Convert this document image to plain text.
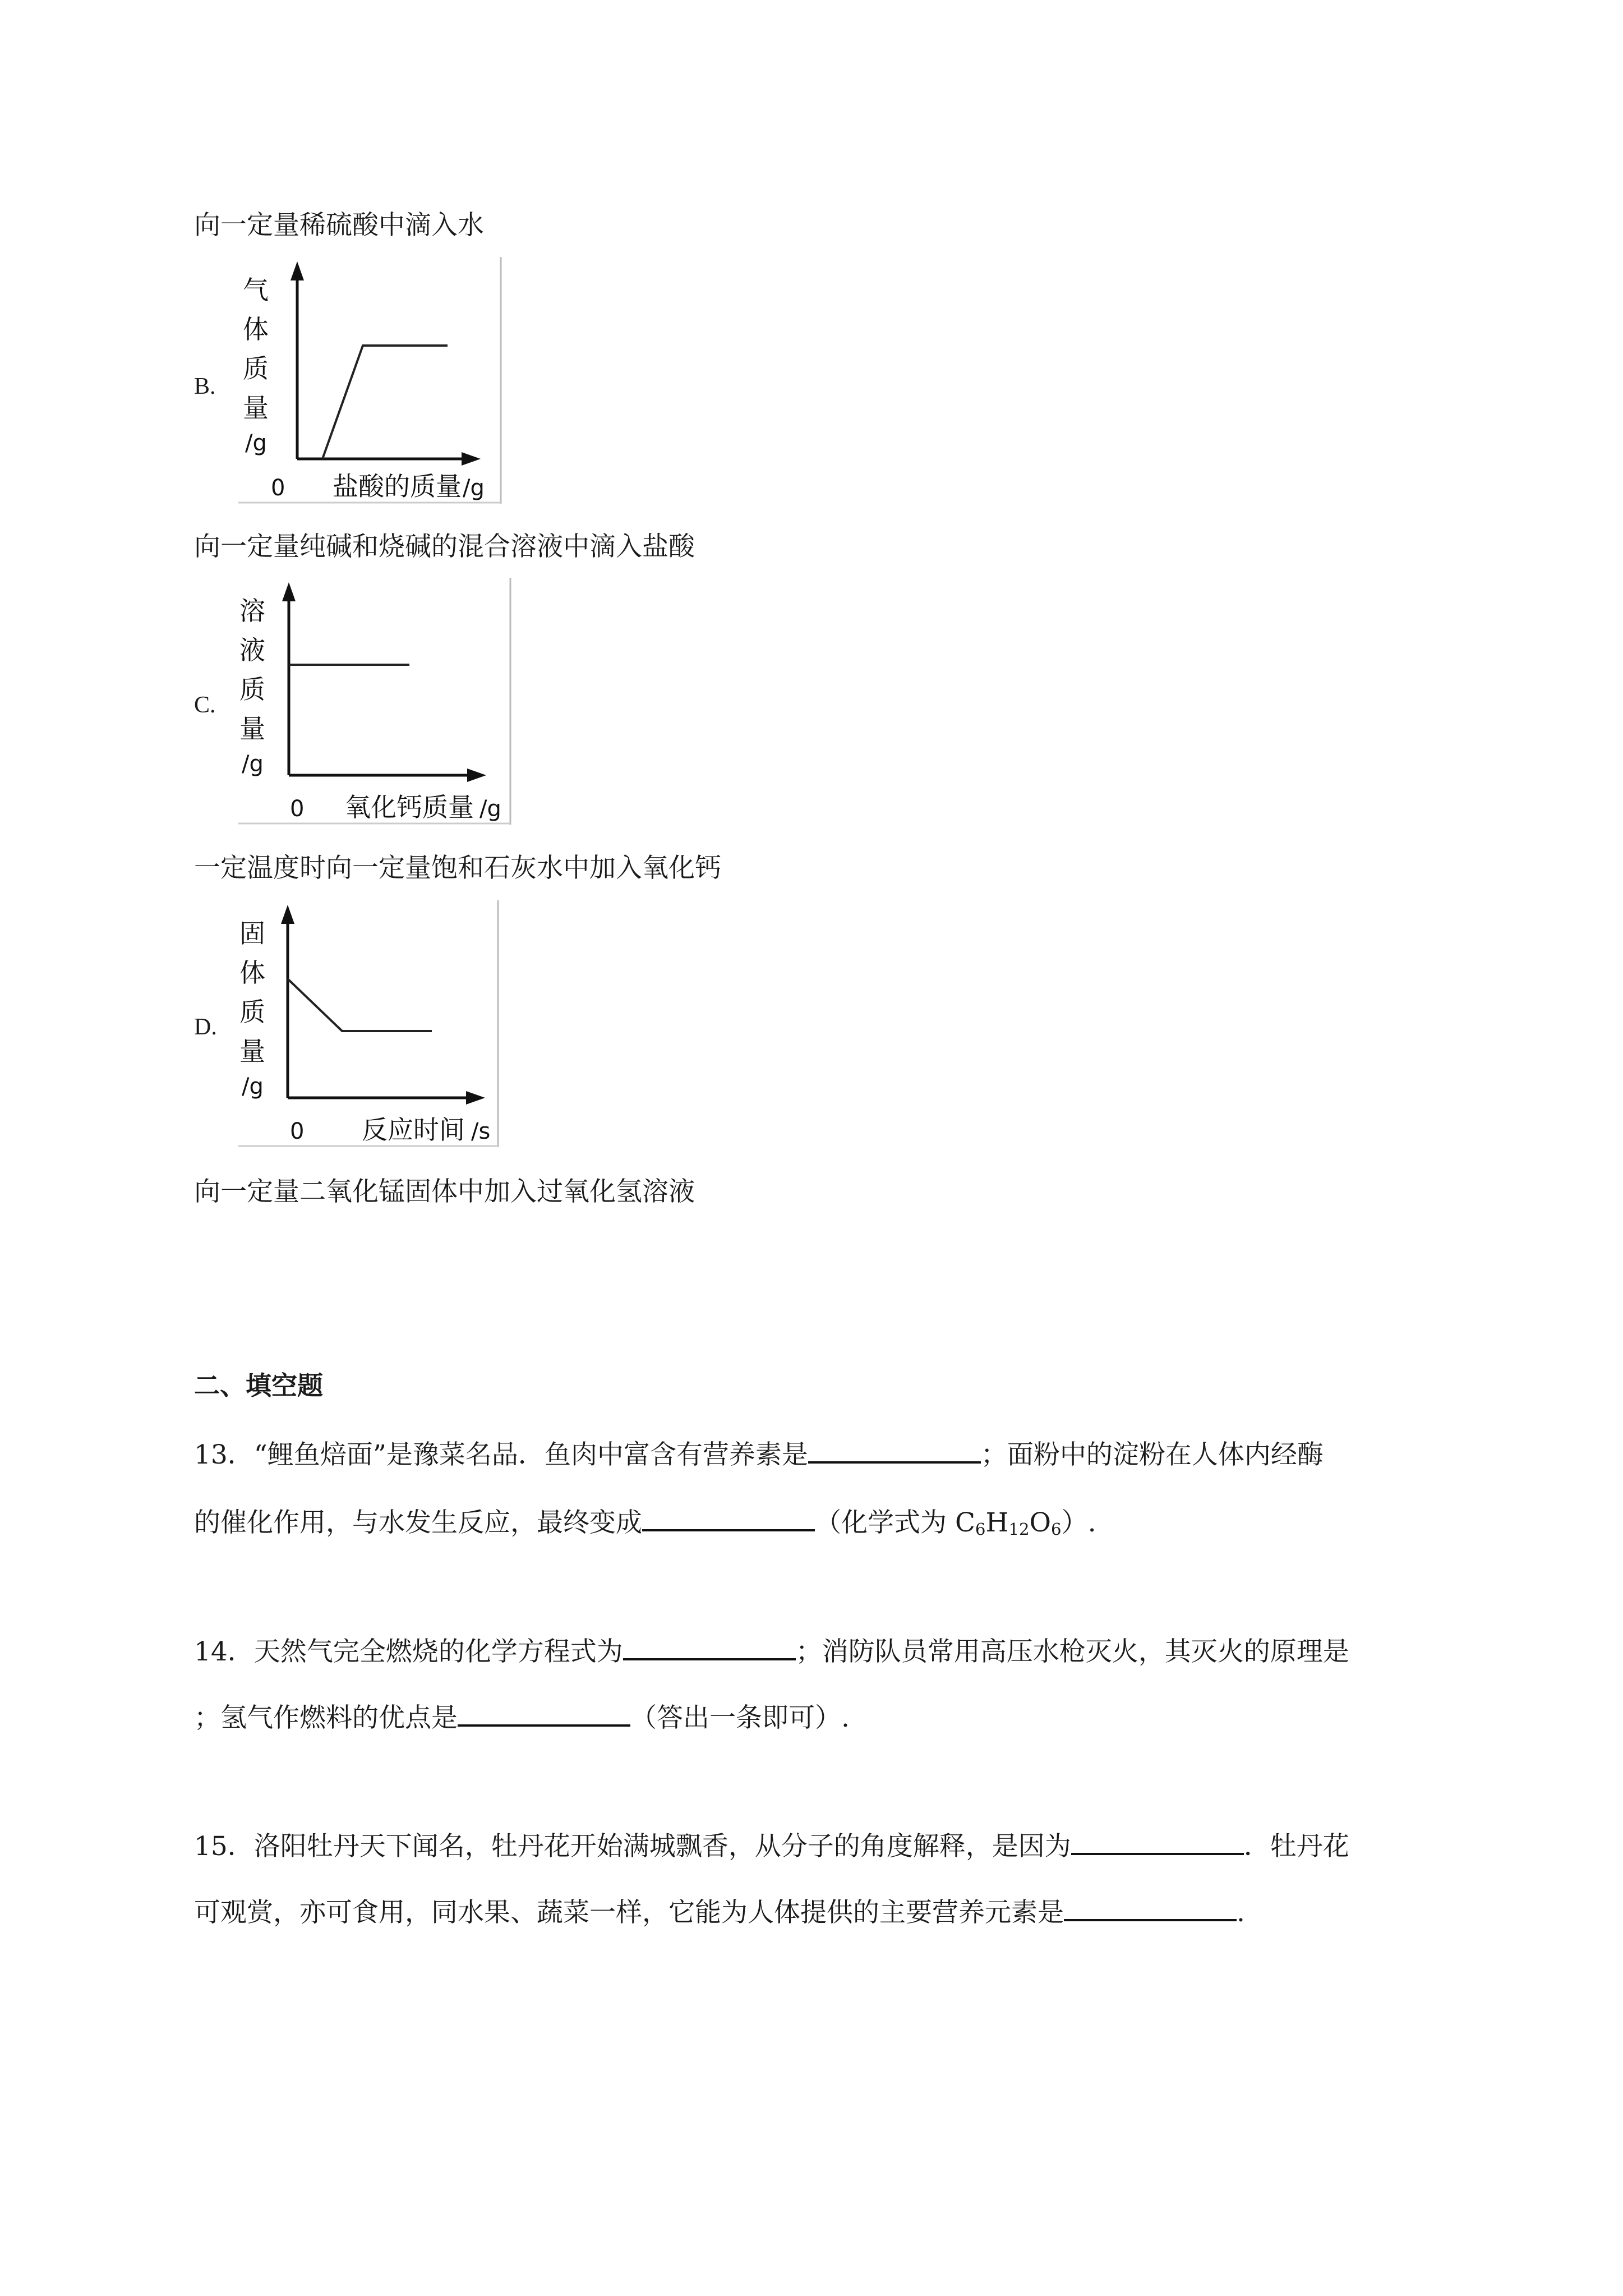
向一定量稀硫酸中滴入水
B.
气
体
质
量
/g
0 盐酸的质量 /g
向一定量纯碱和烧碱的混合溶液中滴入盐酸
C.
溶
液
质
量
/g
0 氧化钙质量 /g
一定温度时向一定量饱和石灰水中加入氧化钙
D.
固
体
质
量
/g
0 反应时间 /s
向一定量二氧化锰固体中加入过氧化氢溶液
二、填空题
13．“鲤鱼焙面”是豫菜名品．鱼肉中富含有营养素是	；面粉中的淀粉在人体内经酶
的催化作用，与水发生反应，最终变成	（化学式为 $C_6H_{12}O_6$）.
14．天然气完全燃烧的化学方程式为	；消防队员常用高压水枪灭火，其灭火的原理是
；氢气作燃料的优点是	（答出一条即可）.
15．洛阳牡丹天下闻名，牡丹花开始满城飘香，从分子的角度解释，是因为	．牡丹花
可观赏，亦可食用，同水果、蔬菜一样，它能为人体提供的主要营养元素是	.
